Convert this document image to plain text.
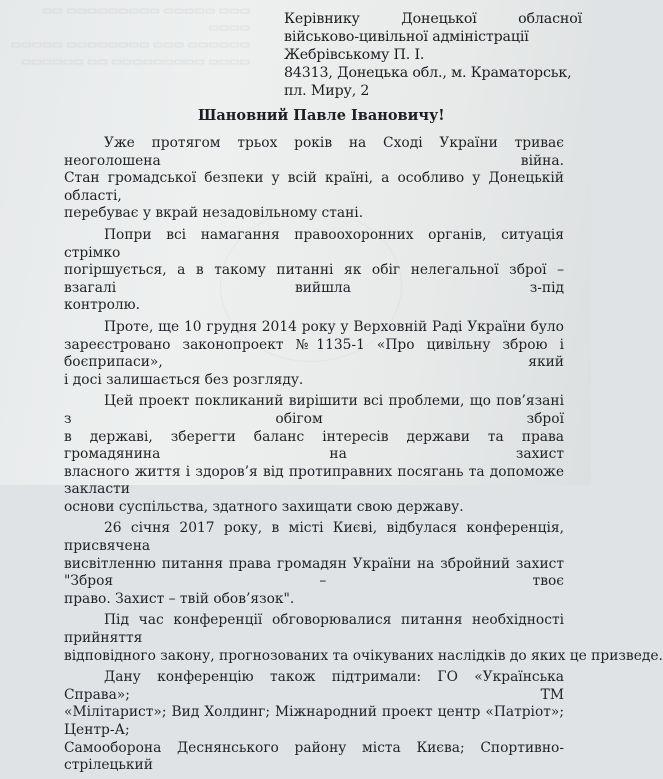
▭▭▭ ▭▭▭▭▭ ▭▭▭▭▭▭▭▭▭ ▭▭ ▭▭▭▭
▭▭▭▭▭▭ ▭▭▭ ▭▭▭▭▭▭▭▭ ▭▭▭▭▭
▭▭▭▭ ▭▭▭▭▭▭▭▭▭ ▭▭ ▭▭▭▭▭▭
Керівнику	Донецької	обласної
військово-цивільної адміністрації
Жебрівському П. І.
84313, Донецька обл., м. Краматорськ,
пл. Миру, 2
Шановний Павле Івановичу!
Уже протягом трьох років на Сході України триває неоголошена війна.
Стан громадської безпеки у всій країні, а особливо у Донецькій області,
перебуває у вкрай незадовільному стані.
Попри всі намагання правоохоронних органів, ситуація стрімко
погіршується, а в такому питанні як обіг нелегальної зброї – взагалі вийшла з-під
контролю.
Проте, ще 10 грудня 2014 року у Верховній Раді України було
зареєстровано законопроект №1135-1 «Про цивільну зброю і боєприпаси», який
і досі залишається без розгляду.
Цей проект покликаний вирішити всі проблеми, що пов’язані з обігом зброї
в державі, зберегти баланс інтересів держави та права громадянина на захист
власного життя і здоров’я від протиправних посягань та допоможе закласти
основи суспільства, здатного захищати свою державу.
26 січня 2017 року, в місті Києві, відбулася конференція, присвячена
висвітленню питання права громадян України на збройний захист "Зброя – твоє
право. Захист – твій обов’язок".
Під час конференції обговорювалися питання необхідності прийняття
відповідного закону, прогнозованих та очікуваних наслідків до яких це призведе.
Дану конференцію також підтримали: ГО «Українська Справа»; ТМ
«Мілітарист»; Вид Холдинг; Міжнародний проект центр «Патріот»; Центр-А;
Самооборона Деснянського району міста Києва; Спортивно-стрілецький
